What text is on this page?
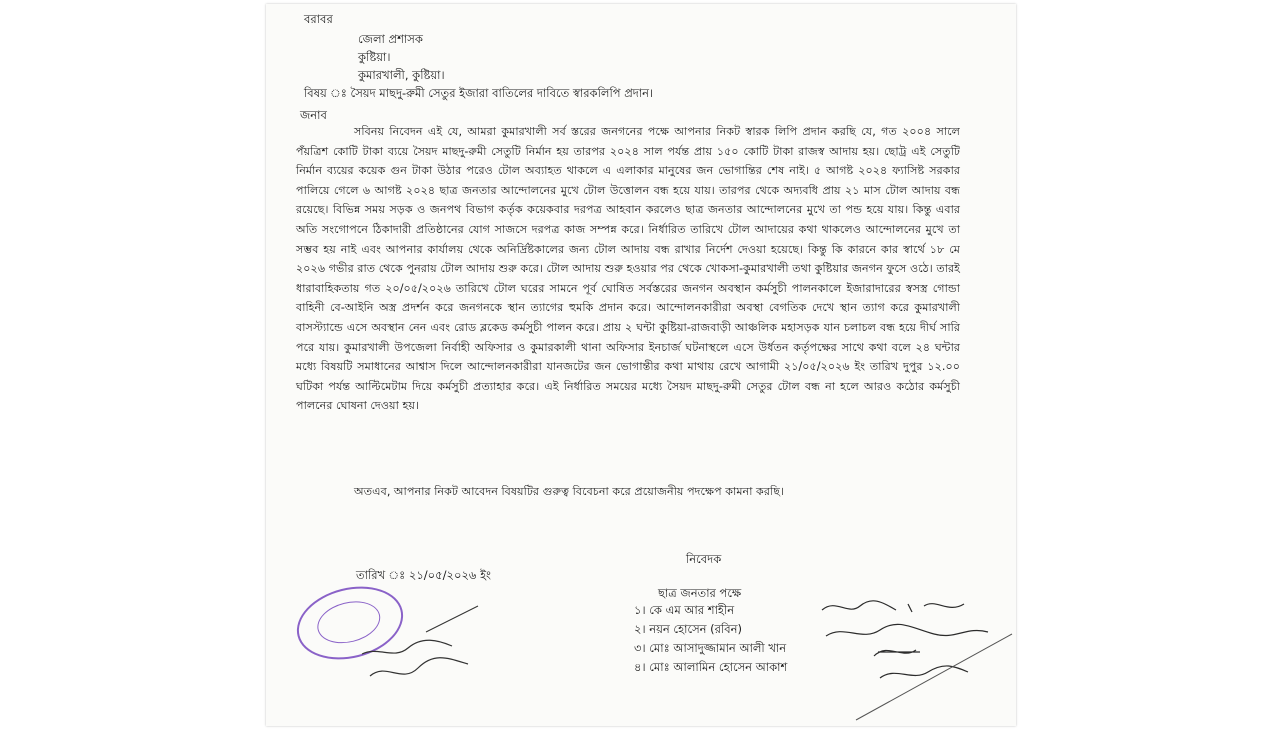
বরাবর
জেলা প্রশাসক
কুষ্টিয়া।
কুমারখালী, কুষ্টিয়া।
বিষয় ঃ সৈয়দ মাছদু-রুমী সেতুর ইজারা বাতিলের দাবিতে স্বারকলিপি প্রদান।
জনাব
সবিনয় নিবেদন এই যে, আমরা কুমারখালী সর্ব স্তরের জনগনের পক্ষে আপনার নিকট স্বারক লিপি প্রদান করছি যে, গত ২০০৪ সালে পঁয়ত্রিশ কোটি টাকা ব্যয়ে সৈয়দ মাছদু-রুমী সেতুটি নির্মান হয় তারপর ২০২৪ সাল পর্যন্ত প্রায় ১৫০ কোটি টাকা রাজস্ব আদায় হয়। ছোট্র এই সেতুটি নির্মান ব্যয়ের কয়েক গুন টাকা উঠার পরেও টোল অব্যাহত থাকলে এ এলাকার মানুষের জন ভোগান্তির শেষ নাই। ৫ আগষ্ট ২০২৪ ফ্যাসিষ্ট সরকার পালিয়ে গেলে ৬ আগষ্ট ২০২৪ ছাত্র জনতার আন্দোলনের মুখে টোল উত্তোলন বন্ধ হয়ে যায়। তারপর থেকে অদ্যবধি প্রায় ২১ মাস টোল আদায় বন্ধ রয়েছে। বিভিন্ন সময় সড়ক ও জনপথ বিভাগ কর্তৃক কয়েকবার দরপত্র আহবান করলেও ছাত্র জনতার আন্দোলনের মুখে তা পন্ড হয়ে যায়। কিন্তু এবার অতি সংগোপনে ঠিকাদারী প্রতিষ্ঠানের যোগ সাজসে দরপত্র কাজ সম্পন্ন করে। নির্ধারিত তারিখে টোল আদায়ের কথা থাকলেও আন্দোলনের মুখে তা সম্ভব হয় নাই এবং আপনার কার্যালয় থেকে অনির্দ্রিষ্টকালের জন্য টোল আদায় বন্ধ রাখার নির্দেশ দেওয়া হয়েছে। কিন্তু কি কারনে কার স্বার্থে ১৮ মে ২০২৬ গভীর রাত থেকে পুনরায় টোল আদায় শুরু করে। টোল আদায় শুরু হওয়ার পর থেকে খোকসা-কুমারখালী তথা কুষ্টিয়ার জনগন ফুসে ওঠে। তারই ধারাবাহিকতায় গত ২০/০৫/২০২৬ তারিখে টোল ঘরের সামনে পূর্ব ঘোষিত সর্বস্তরের জনগন অবস্থান কর্মসুচী পালনকালে ইজারাদারের স্বসস্ত্র গোন্ডা বাহিনী বে-আইনি অস্ত্র প্রদর্শন করে জনগনকে স্থান ত্যাগের হুমকি প্রদান করে। আন্দোলনকারীরা অবস্থা বেগতিক দেখে স্থান ত্যাগ করে কুমারখালী বাসস্ট্যান্ডে এসে অবস্থান নেন এবং রোড ব্লকেড কর্মসুচী পালন করে। প্রায় ২ ঘন্টা কুষ্টিয়া-রাজবাড়ী আঞ্চলিক মহাসড়ক যান চলাচল বন্ধ হয়ে দীর্ঘ সারি পরে যায়। কুমারখালী উপজেলা নির্বাহী অফিসার ও কুমারকালী থানা অফিসার ইনচার্জ ঘটনাস্থলে এসে উর্ধতন কর্তৃপক্ষের সাথে কথা বলে ২৪ ঘন্টার মধ্যে বিষয়টি সমাধানের আশ্বাস দিলে আন্দোলনকারীরা যানজটের জন ভোগান্তীর কথা মাথায় রেখে আগামী ২১/০৫/২০২৬ ইং তারিখ দুপুর ১২.০০ ঘটিকা পর্যন্ত আল্টিমেটাম দিয়ে কর্মসুচী প্রত্যাহার করে। এই নির্ধারিত সময়ের মধ্যে সৈয়দ মাছদু-রুমী সেতুর টোল বন্ধ না হলে আরও কঠোর কর্মসুচী পালনের ঘোষনা দেওয়া হয়।
অতএব, আপনার নিকট আবেদন বিষয়টির গুরুত্ব বিবেচনা করে প্রয়োজনীয় পদক্ষেপ কামনা করছি।
নিবেদক
তারিখ ঃ ২১/০৫/২০২৬ ইং
ছাত্র জনতার পক্ষে
১। কে এম আর শাহীন
২। নয়ন হোসেন (রবিন)
৩। মোঃ আসাদুজ্জামান আলী খান
৪। মোঃ আলামিন হোসেন আকাশ
